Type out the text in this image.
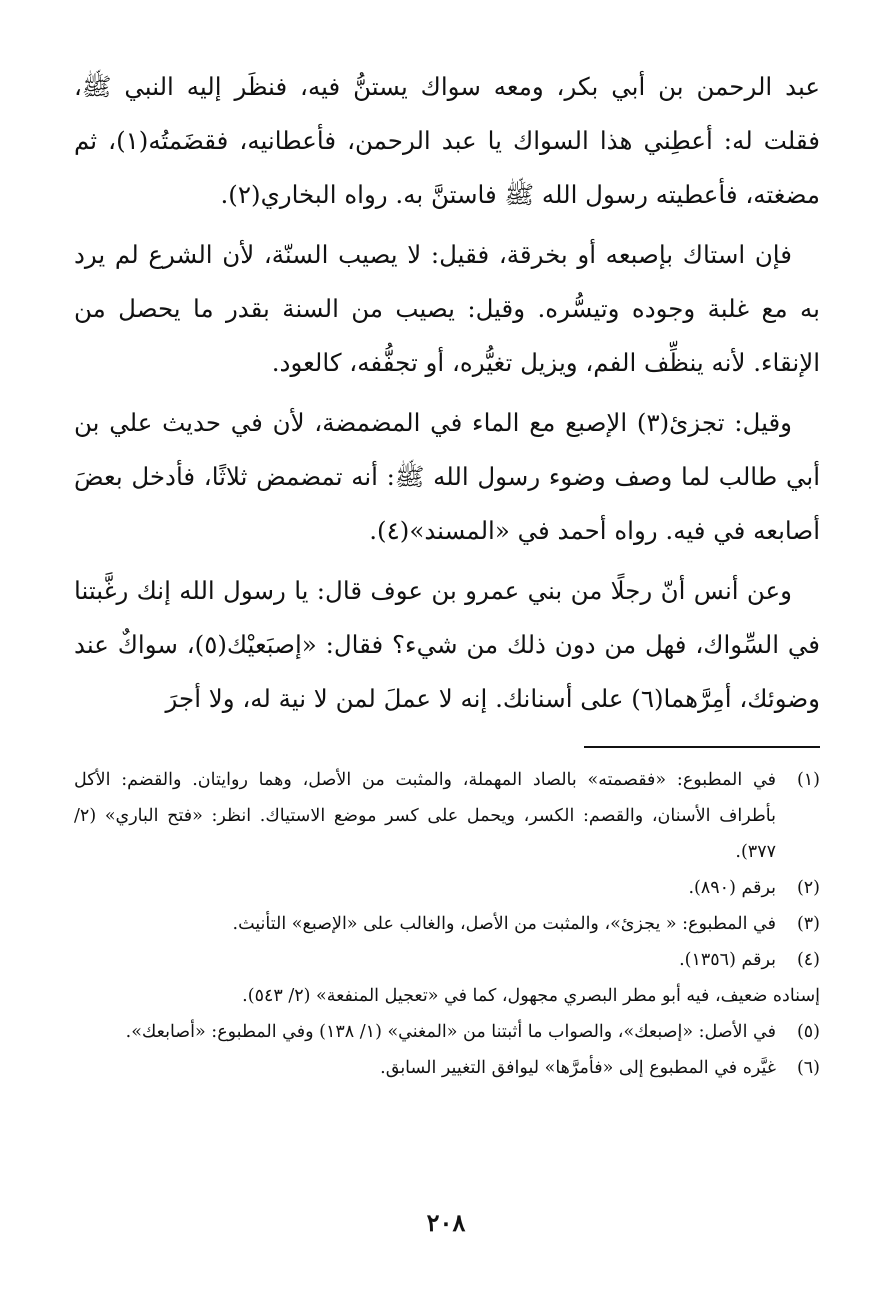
عبد الرحمن بن أبي بكر، ومعه سواك يستنُّ فيه، فنظَر إليه النبي ﷺ، فقلت له: أعطِني هذا السواك يا عبد الرحمن، فأعطانيه، فقضَمتُه(١)، ثم مضغته، فأعطيته رسول الله ﷺ فاستنَّ به. رواه البخاري(٢).

فإن استاك بإصبعه أو بخرقة، فقيل: لا يصيب السنّة، لأن الشرع لم يرد به مع غلبة وجوده وتيسُّره. وقيل: يصيب من السنة بقدر ما يحصل من الإنقاء. لأنه ينظِّف الفم، ويزيل تغيُّره، أو تجفُّفه، كالعود.

وقيل: تجزئ(٣) الإصبع مع الماء في المضمضة، لأن في حديث علي بن أبي طالب لما وصف وضوء رسول الله ﷺ: أنه تمضمض ثلاثًا، فأدخل بعضَ أصابعه في فيه. رواه أحمد في «المسند»(٤).

وعن أنس أنّ رجلًا من بني عمرو بن عوف قال: يا رسول الله إنك رغَّبتنا في السِّواك، فهل من دون ذلك من شيء؟ فقال: «إصبَعيْك(٥)، سواكٌ عند وضوئك، أمِرَّهما(٦) على أسنانك. إنه لا عملَ لمن لا نية له، ولا أجرَ

(١)
في المطبوع: «فقصمته» بالصاد المهملة، والمثبت من الأصل، وهما روايتان. والقضم: الأكل بأطراف الأسنان، والقصم: الكسر، ويحمل على كسر موضع الاستياك. انظر: «فتح الباري» (٢/ ٣٧٧).
(٢)
برقم (٨٩٠).
(٣)
في المطبوع: « يجزئ»، والمثبت من الأصل، والغالب على «الإصبع» التأنيث.
(٤)
برقم (١٣٥٦).
إسناده ضعيف، فيه أبو مطر البصري مجهول، كما في «تعجيل المنفعة» (٢/ ٥٤٣).
(٥)
في الأصل: «إصبعك»، والصواب ما أثبتنا من «المغني» (١/ ١٣٨) وفي المطبوع: «أصابعك».
(٦)
غيَّره في المطبوع إلى «فأمرَّها» ليوافق التغيير السابق.
٢٠٨
